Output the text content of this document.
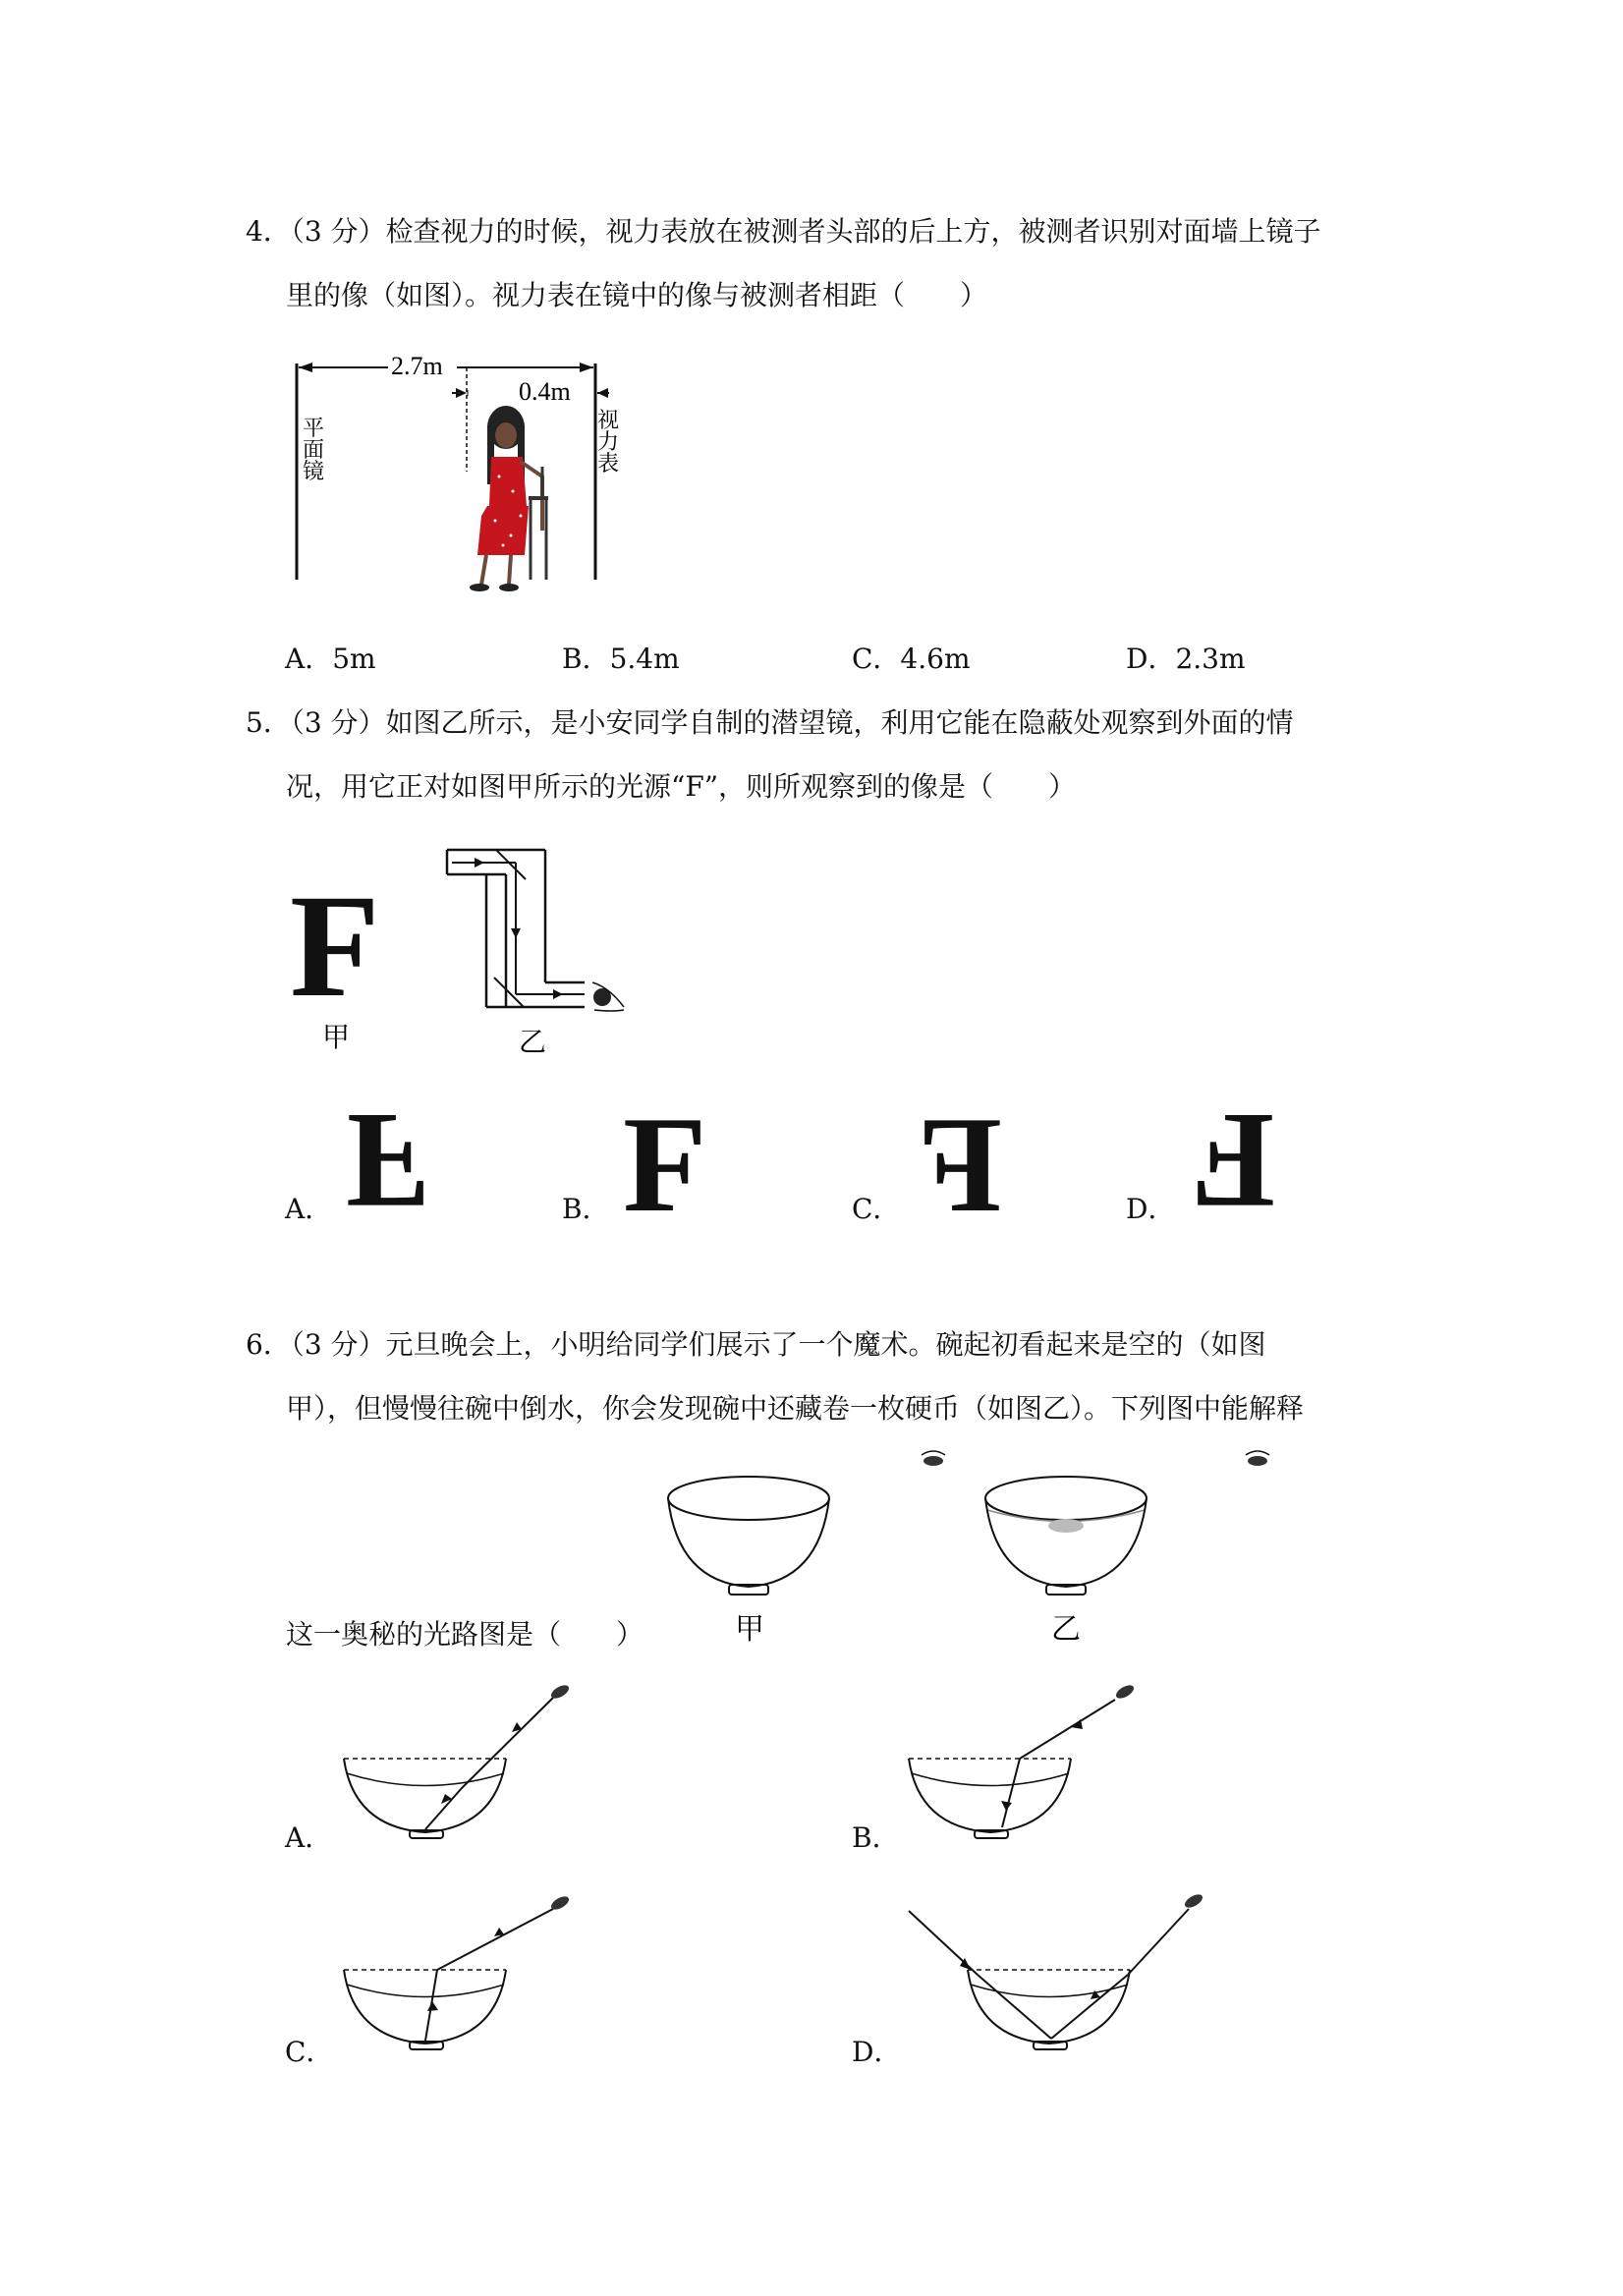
4．（3 分）检查视力的时候，视力表放在被测者头部的后上方，被测者识别对面墙上镜子
里的像（如图）。视力表在镜中的像与被测者相距（　　）
2.7m
0.4m
平
面
镜
视
力
表
A．5m	B．5.4m	C．4.6m	D．2.3m
5．（3 分）如图乙所示，是小安同学自制的潜望镜，利用它能在隐蔽处观察到外面的情
况，用它正对如图甲所示的光源“F”，则所观察到的像是（　　）
F
甲	乙
A． F	B． F	C． F	D． F
6．（3 分）元旦晚会上，小明给同学们展示了一个魔术。碗起初看起来是空的（如图
甲），但慢慢往碗中倒水，你会发现碗中还藏卷一枚硬币（如图乙）。下列图中能解释
甲	乙
这一奥秘的光路图是（　　）
A．	B．
C．	D．
